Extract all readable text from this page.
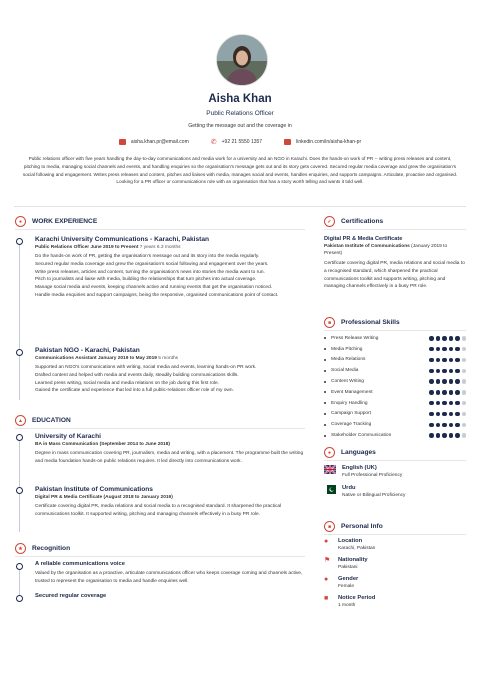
Aisha Khan
Public Relations Officer
Getting the message out and the coverage in
aisha.khan.pr@email.com	✆ +92 21 5550 1357	linkedin.com/in/aisha-khan-pr
Public relations officer with five years handling the day-to-day communications and media work for a university and an NGO in Karachi. Does the hands-on work of PR -- writing press releases and content, pitching to media, managing social channels and events, and handling enquiries so the organisation's message gets out and its story gets covered. Secured regular media coverage and grew the organisation's social following and engagement. Writes press releases and content, pitches and liaises with media, manages social and events, handles enquiries, and supports campaigns. Articulate, proactive and organised. Looking for a PR officer or communications role with an organisation that has a story worth telling and wants it told well.
●	WORK EXPERIENCE
Karachi University Communications - Karachi, Pakistan
Public Relations Officer June 2019 to Present 7 years 6.3 months
Do the hands-on work of PR, getting the organisation's message out and its story into the media regularly.
Secured regular media coverage and grew the organisation's social following and engagement over the years.
Write press releases, articles and content, turning the organisation's news into stories the media want to run.
Pitch to journalists and liaise with media, building the relationships that turn pitches into actual coverage.
Manage social media and events, keeping channels active and running events that get the organisation noticed.
Handle media enquiries and support campaigns, being the responsive, organised communications point of contact.
Pakistan NGO - Karachi, Pakistan
Communications Assistant January 2019 to May 2019 5 months
Supported an NGO's communications with writing, social media and events, learning hands-on PR work.
Drafted content and helped with media and events daily, steadily building communications skills.
Learned press writing, social media and media relations on the job during this first role.
Gained the certificate and experience that led into a full public-relations officer role of my own.
▲	EDUCATION
University of Karachi
BA in Mass Communication (September 2014 to June 2018)
Degree in mass communication covering PR, journalism, media and writing, with a placement. The programme built the writing and media foundation hands-on public relations requires. It led directly into communications work.
Pakistan Institute of Communications
Digital PR & Media Certificate (August 2018 to January 2019)
Certificate covering digital PR, media relations and social media to a recognised standard. It sharpened the practical communications toolkit. It supported writing, pitching and managing channels effectively in a busy PR role.
★	Recognition
A reliable communications voice
Valued by the organisation as a proactive, articulate communications officer who keeps coverage coming and channels active, trusted to represent the organisation to media and handle enquiries well.
Secured regular coverage
✓	Certifications
Digital PR & Media Certificate
Pakistan Institute of Communications (January 2019 to Present)
Certificate covering digital PR, media relations and social media to a recognised standard, which sharpened the practical communications toolkit and supports writing, pitching and managing channels effectively in a busy PR role.
■	Professional Skills
Press Release Writing
Media Pitching
Media Relations
Social Media
Content Writing
Event Management
Enquiry Handling
Campaign Support
Coverage Tracking
Stakeholder Communication
●	Languages
English (UK)
Full Professional Proficiency
Urdu
Native or Bilingual Proficiency
■	Personal Info
●	Location
Karachi, Pakistan
⚑ Nationality
Pakistani
●	Gender
Female
■	Notice Period
1 month
